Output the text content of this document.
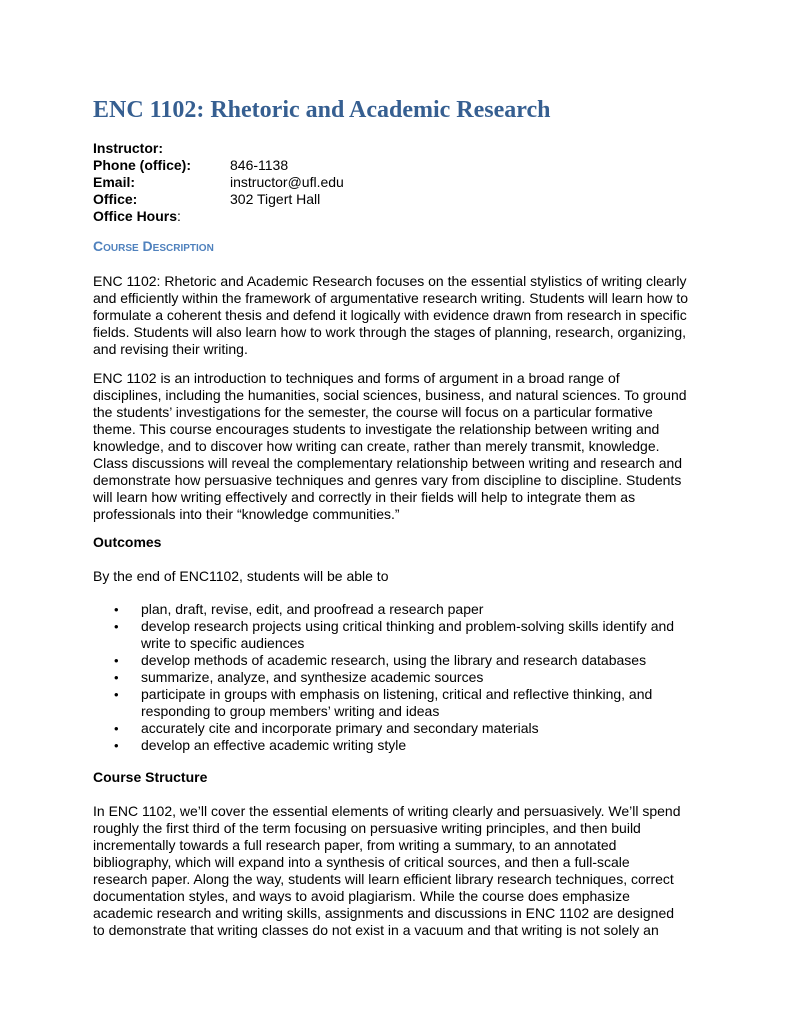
ENC 1102: Rhetoric and Academic Research
Instructor:
Phone (office):	846-1138
Email:	instructor@ufl.edu
Office:	302 Tigert Hall
Office Hours:
Course Description

ENC 1102: Rhetoric and Academic Research focuses on the essential stylistics of writing clearly
and efficiently within the framework of argumentative research writing. Students will learn how to
formulate a coherent thesis and defend it logically with evidence drawn from research in specific
fields. Students will also learn how to work through the stages of planning, research, organizing,
and revising their writing.

ENC 1102 is an introduction to techniques and forms of argument in a broad range of
disciplines, including the humanities, social sciences, business, and natural sciences. To ground
the students’ investigations for the semester, the course will focus on a particular formative
theme. This course encourages students to investigate the relationship between writing and
knowledge, and to discover how writing can create, rather than merely transmit, knowledge.
Class discussions will reveal the complementary relationship between writing and research and
demonstrate how persuasive techniques and genres vary from discipline to discipline. Students
will learn how writing effectively and correctly in their fields will help to integrate them as
professionals into their “knowledge communities.”

Outcomes

By the end of ENC1102, students will be able to

• plan, draft, revise, edit, and proofread a research paper
• develop research projects using critical thinking and problem-solving skills identify and
write to specific audiences
• develop methods of academic research, using the library and research databases
• summarize, analyze, and synthesize academic sources
• participate in groups with emphasis on listening, critical and reflective thinking, and
responding to group members’ writing and ideas
• accurately cite and incorporate primary and secondary materials
• develop an effective academic writing style
Course Structure

In ENC 1102, we’ll cover the essential elements of writing clearly and persuasively. We’ll spend
roughly the first third of the term focusing on persuasive writing principles, and then build
incrementally towards a full research paper, from writing a summary, to an annotated
bibliography, which will expand into a synthesis of critical sources, and then a full-scale
research paper. Along the way, students will learn efficient library research techniques, correct
documentation styles, and ways to avoid plagiarism. While the course does emphasize
academic research and writing skills, assignments and discussions in ENC 1102 are designed
to demonstrate that writing classes do not exist in a vacuum and that writing is not solely an
